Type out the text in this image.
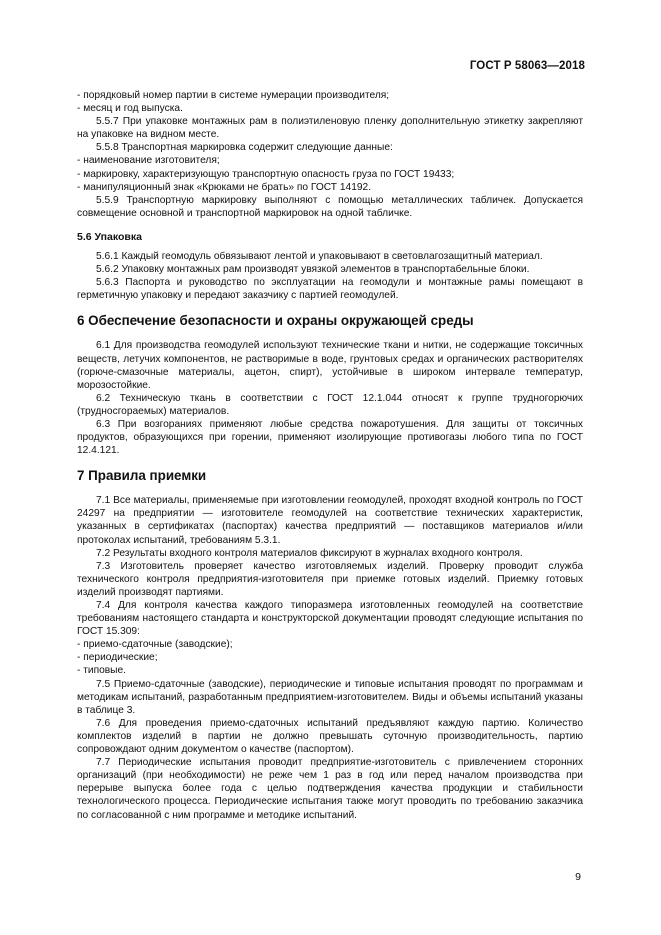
ГОСТ Р 58063—2018
- порядковый номер партии в системе нумерации производителя;
- месяц и год выпуска.
5.5.7 При упаковке монтажных рам в полиэтиленовую пленку дополнительную этикетку закрепляют на упаковке на видном месте.
5.5.8 Транспортная маркировка содержит следующие данные:
- наименование изготовителя;
- маркировку, характеризующую транспортную опасность груза по ГОСТ 19433;
- манипуляционный знак «Крюками не брать» по ГОСТ 14192.
5.5.9 Транспортную маркировку выполняют с помощью металлических табличек. Допускается совмещение основной и транспортной маркировок на одной табличке.
5.6 Упаковка
5.6.1 Каждый геомодуль обвязывают лентой и упаковывают в световлагозащитный материал.
5.6.2 Упаковку монтажных рам производят увязкой элементов в транспортабельные блоки.
5.6.3 Паспорта и руководство по эксплуатации на геомодули и монтажные рамы помещают в герметичную упаковку и передают заказчику с партией геомодулей.
6 Обеспечение безопасности и охраны окружающей среды
6.1 Для производства геомодулей используют технические ткани и нитки, не содержащие токсичных веществ, летучих компонентов, не растворимые в воде, грунтовых средах и органических растворителях (горюче-смазочные материалы, ацетон, спирт), устойчивые в широком интервале температур, морозостойкие.
6.2 Техническую ткань в соответствии с ГОСТ 12.1.044 относят к группе трудногорючих (трудносгораемых) материалов.
6.3 При возгораниях применяют любые средства пожаротушения. Для защиты от токсичных продуктов, образующихся при горении, применяют изолирующие противогазы любого типа по ГОСТ 12.4.121.
7 Правила приемки
7.1 Все материалы, применяемые при изготовлении геомодулей, проходят входной контроль по ГОСТ 24297 на предприятии — изготовителе геомодулей на соответствие технических характеристик, указанных в сертификатах (паспортах) качества предприятий — поставщиков материалов и/или протоколах испытаний, требованиям 5.3.1.
7.2 Результаты входного контроля материалов фиксируют в журналах входного контроля.
7.3 Изготовитель проверяет качество изготовляемых изделий. Проверку проводит служба технического контроля предприятия-изготовителя при приемке готовых изделий. Приемку готовых изделий производят партиями.
7.4 Для контроля качества каждого типоразмера изготовленных геомодулей на соответствие требованиям настоящего стандарта и конструкторской документации проводят следующие испытания по ГОСТ 15.309:
- приемо-сдаточные (заводские);
- периодические;
- типовые.
7.5 Приемо-сдаточные (заводские), периодические и типовые испытания проводят по программам и методикам испытаний, разработанным предприятием-изготовителем. Виды и объемы испытаний указаны в таблице 3.
7.6 Для проведения приемо-сдаточных испытаний предъявляют каждую партию. Количество комплектов изделий в партии не должно превышать суточную производительность, партию сопровождают одним документом о качестве (паспортом).
7.7 Периодические испытания проводит предприятие-изготовитель с привлечением сторонних организаций (при необходимости) не реже чем 1 раз в год или перед началом производства при перерыве выпуска более года с целью подтверждения качества продукции и стабильности технологического процесса. Периодические испытания также могут проводить по требованию заказчика по согласованной с ним программе и методике испытаний.
9
